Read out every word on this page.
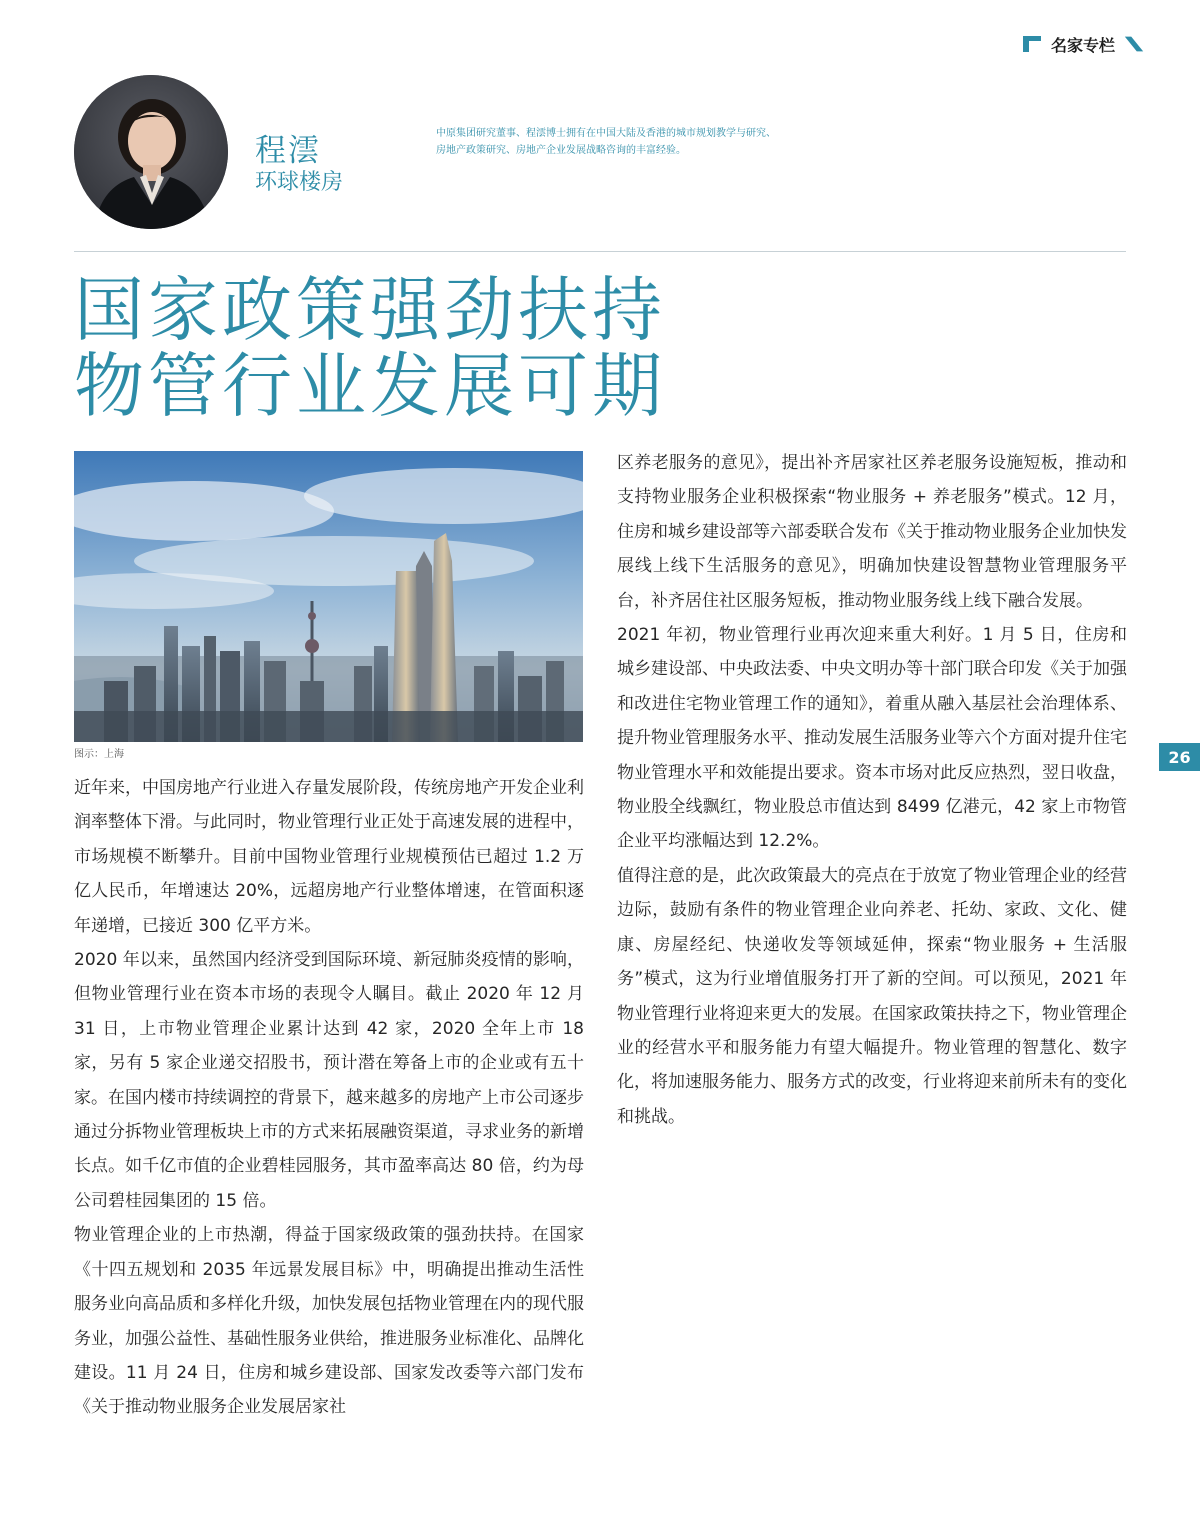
名家专栏
程澐
环球楼房
中原集团研究董事、程澐博士拥有在中国大陆及香港的城市规划教学与研究、
房地产政策研究、房地产企业发展战略咨询的丰富经验。
国家政策强劲扶持
物管行业发展可期
图示：上海

近年来，中国房地产行业进入存量发展阶段，传统房地产开发企业利润率整体下滑。与此同时，物业管理行业正处于高速发展的进程中，市场规模不断攀升。目前中国物业管理行业规模预估已超过 1.2 万亿人民币，年增速达 20%，远超房地产行业整体增速，在管面积逐年递增，已接近 300 亿平方米。

2020 年以来，虽然国内经济受到国际环境、新冠肺炎疫情的影响，但物业管理行业在资本市场的表现令人瞩目。截止 2020 年 12 月 31 日，上市物业管理企业累计达到 42 家，2020 全年上市 18 家，另有 5 家企业递交招股书，预计潜在筹备上市的企业或有五十家。在国内楼市持续调控的背景下，越来越多的房地产上市公司逐步通过分拆物业管理板块上市的方式来拓展融资渠道，寻求业务的新增长点。如千亿市值的企业碧桂园服务，其市盈率高达 80 倍，约为母公司碧桂园集团的 15 倍。

物业管理企业的上市热潮，得益于国家级政策的强劲扶持。在国家《十四五规划和 2035 年远景发展目标》中，明确提出推动生活性服务业向高品质和多样化升级，加快发展包括物业管理在内的现代服务业，加强公益性、基础性服务业供给，推进服务业标准化、品牌化建设。11 月 24 日，住房和城乡建设部、国家发改委等六部门发布《关于推动物业服务企业发展居家社

区养老服务的意见》，提出补齐居家社区养老服务设施短板，推动和支持物业服务企业积极探索“物业服务 + 养老服务”模式。12 月，住房和城乡建设部等六部委联合发布《关于推动物业服务企业加快发展线上线下生活服务的意见》，明确加快建设智慧物业管理服务平台，补齐居住社区服务短板，推动物业服务线上线下融合发展。

2021 年初，物业管理行业再次迎来重大利好。1 月 5 日，住房和城乡建设部、中央政法委、中央文明办等十部门联合印发《关于加强和改进住宅物业管理工作的通知》，着重从融入基层社会治理体系、提升物业管理服务水平、推动发展生活服务业等六个方面对提升住宅物业管理水平和效能提出要求。资本市场对此反应热烈，翌日收盘，物业股全线飘红，物业股总市值达到 8499 亿港元，42 家上市物管企业平均涨幅达到 12.2%。

值得注意的是，此次政策最大的亮点在于放宽了物业管理企业的经营边际，鼓励有条件的物业管理企业向养老、托幼、家政、文化、健康、房屋经纪、快递收发等领域延伸，探索“物业服务 + 生活服务”模式，这为行业增值服务打开了新的空间。可以预见，2021 年物业管理行业将迎来更大的发展。在国家政策扶持之下，物业管理企业的经营水平和服务能力有望大幅提升。物业管理的智慧化、数字化，将加速服务能力、服务方式的改变，行业将迎来前所未有的变化和挑战。

26
